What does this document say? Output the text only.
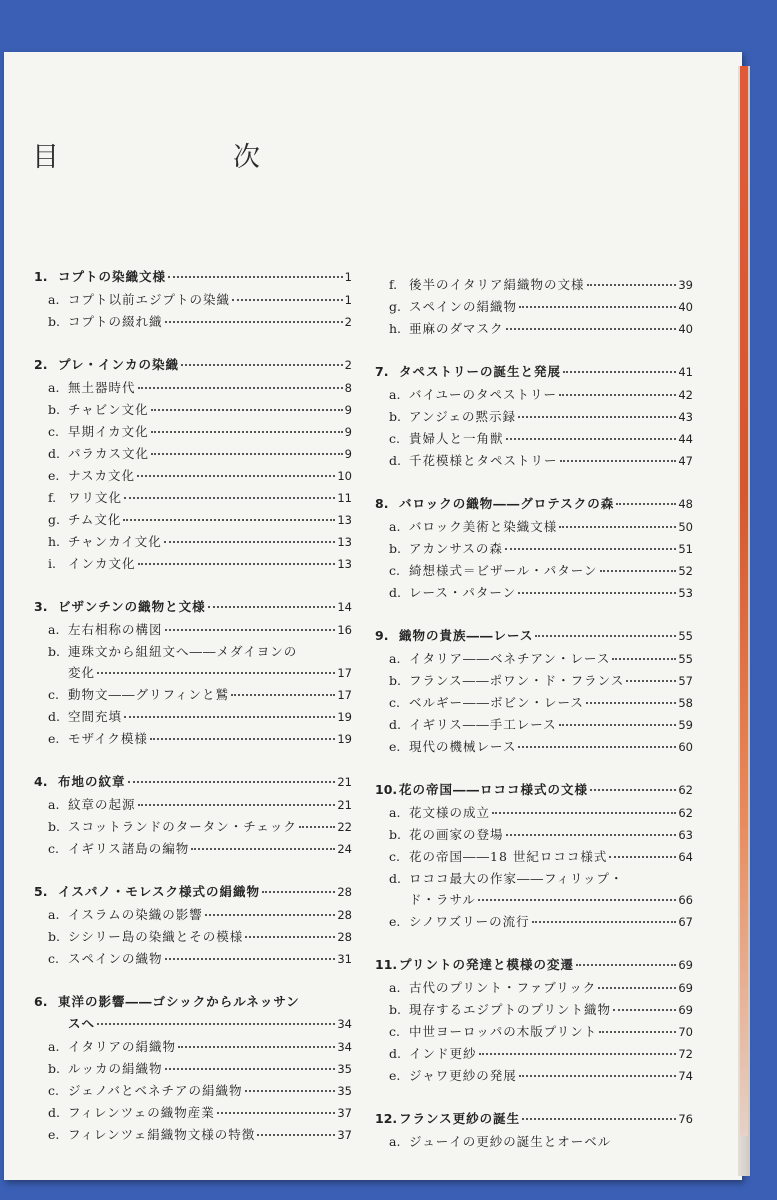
目　　次
1. コプトの染織文様	1
a. コプト以前エジプトの染織	1
b. コプトの綴れ織	2
2. プレ・インカの染織	2
a. 無土器時代	8
b. チャビン文化	9
c. 早期イカ文化	9
d. パラカス文化	9
e. ナスカ文化	10
f. ワリ文化	11
g. チム文化	13
h. チャンカイ文化	13
i. インカ文化	13
3. ビザンチンの織物と文様	14
a. 左右相称の構図	16
b. 連珠文から組紐文へ――メダイヨンの
変化	17
c. 動物文――グリフィンと鷲	17
d. 空間充填	19
e. モザイク模様	19
4. 布地の紋章	21
a. 紋章の起源	21
b. スコットランドのタータン・チェック	22
c. イギリス諸島の編物	24
5. イスパノ・モレスク様式の絹織物	28
a. イスラムの染織の影響	28
b. シシリー島の染織とその模様	28
c. スペインの織物	31
6. 東洋の影響――ゴシックからルネッサン
スへ	34
a. イタリアの絹織物	34
b. ルッカの絹織物	35
c. ジェノバとベネチアの絹織物	35
d. フィレンツェの織物産業	37
e. フィレンツェ絹織物文様の特徴	37
f. 後半のイタリア絹織物の文様	39
g. スペインの絹織物	40
h. 亜麻のダマスク	40
7. タペストリーの誕生と発展	41
a. バイユーのタペストリー	42
b. アンジェの黙示録	43
c. 貴婦人と一角獣	44
d. 千花模様とタペストリー	47
8. バロックの織物――グロテスクの森	48
a. バロック美術と染織文様	50
b. アカンサスの森	51
c. 綺想様式＝ビザール・パターン	52
d. レース・パターン	53
9. 織物の貴族――レース	55
a. イタリア――ベネチアン・レース	55
b. フランス――ポワン・ド・フランス	57
c. ベルギー――ボビン・レース	58
d. イギリス――手工レース	59
e. 現代の機械レース	60
10. 花の帝国――ロココ様式の文様	62
a. 花文様の成立	62
b. 花の画家の登場	63
c. 花の帝国――18 世紀ロココ様式	64
d. ロココ最大の作家――フィリップ・
ド・ラサル	66
e. シノワズリーの流行	67
11. プリントの発達と模様の変遷	69
a. 古代のプリント・ファブリック	69
b. 現存するエジプトのプリント織物	69
c. 中世ヨーロッパの木版プリント	70
d. インド更紗	72
e. ジャワ更紗の発展	74
12. フランス更紗の誕生	76
a. ジューイの更紗の誕生とオーベル
